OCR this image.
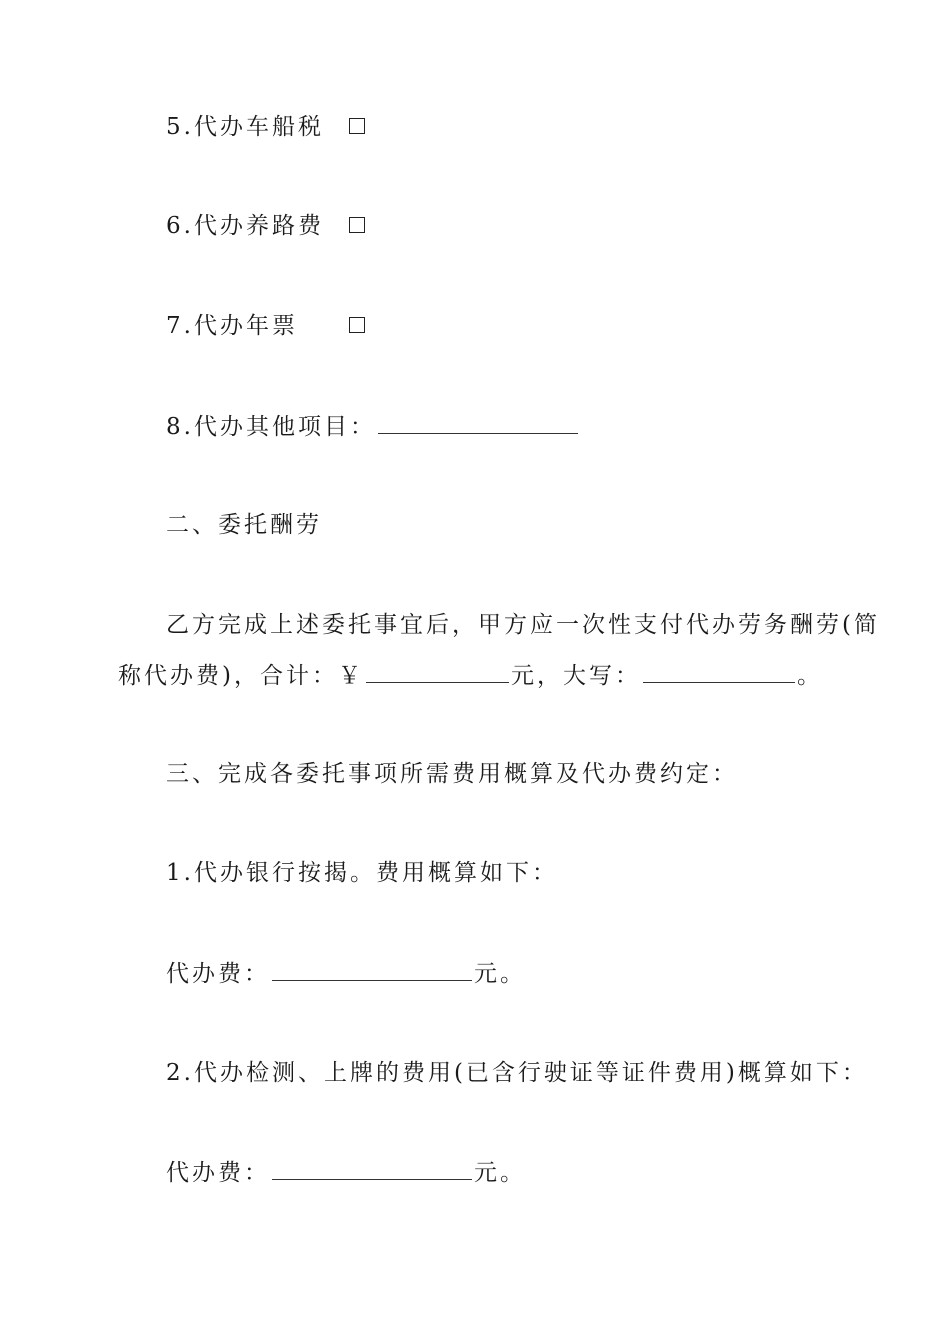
5.代办车船税
6.代办养路费
7.代办年票
8.代办其他项目：
二、委托酬劳
乙方完成上述委托事宜后，甲方应一次性支付代办劳务酬劳(简
称代办费)，合计：￥	元，大写：	。
三、完成各委托事项所需费用概算及代办费约定：
1.代办银行按揭。费用概算如下：
代办费：	元。
2.代办检测、上牌的费用(已含行驶证等证件费用)概算如下：
代办费：	元。
